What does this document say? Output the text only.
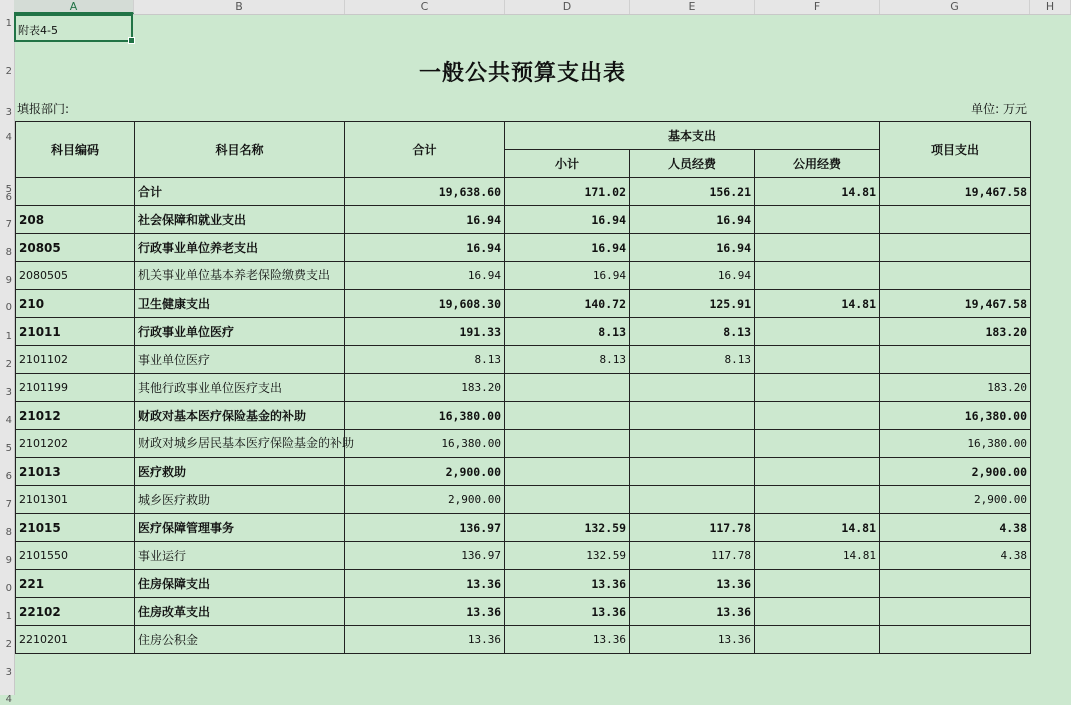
A	B	C	D	E	F	G	H
1
2
3
4
5
6
7
8
9
0
1
2
3
4
5
6
7
8
9
0
1
2
3
4
附表4-5
一般公共预算支出表
填报部门:	单位: 万元
科目编码	科目名称	合计	基本支出			项目支出
			小计	人员经费	公用经费	
	合计	19,638.60	171.02	156.21	14.81	19,467.58
208	社会保障和就业支出	16.94	16.94	16.94		
20805	行政事业单位养老支出	16.94	16.94	16.94		
2080505	机关事业单位基本养老保险缴费支出	16.94	16.94	16.94		
210	卫生健康支出	19,608.30	140.72	125.91	14.81	19,467.58
21011	行政事业单位医疗	191.33	8.13	8.13		183.20
2101102	事业单位医疗	8.13	8.13	8.13		
2101199	其他行政事业单位医疗支出	183.20				183.20
21012	财政对基本医疗保险基金的补助	16,380.00				16,380.00
2101202	财政对城乡居民基本医疗保险基金的补助	16,380.00				16,380.00
21013	医疗救助	2,900.00				2,900.00
2101301	城乡医疗救助	2,900.00				2,900.00
21015	医疗保障管理事务	136.97	132.59	117.78	14.81	4.38
2101550	事业运行	136.97	132.59	117.78	14.81	4.38
221	住房保障支出	13.36	13.36	13.36		
22102	住房改革支出	13.36	13.36	13.36		
2210201	住房公积金	13.36	13.36	13.36		
